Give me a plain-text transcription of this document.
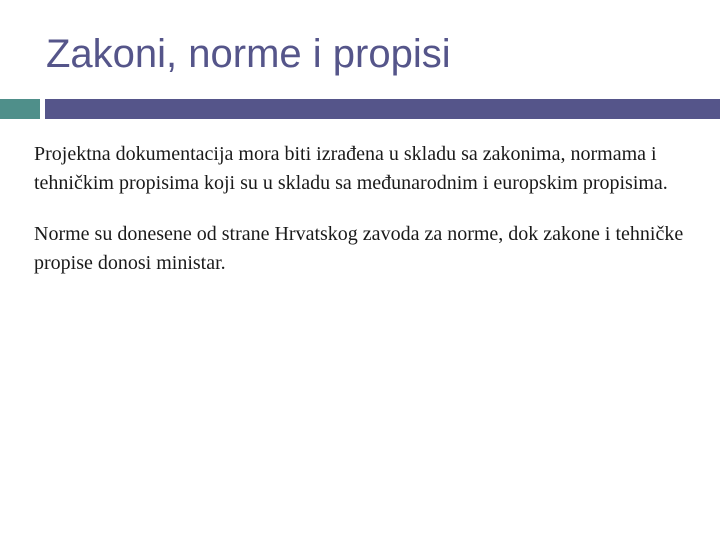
Zakoni, norme i propisi

Projektna dokumentacija mora biti izrađena u skladu sa zakonima, normama i tehničkim propisima koji su u skladu sa međunarodnim i europskim propisima.

Norme su donesene od strane Hrvatskog zavoda za norme, dok zakone i tehničke propise donosi ministar.
